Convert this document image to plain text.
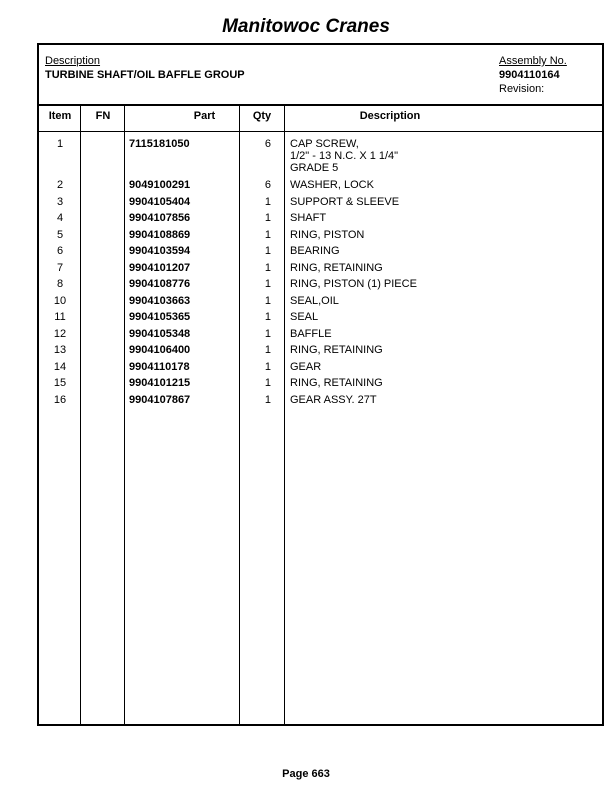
Manitowoc Cranes
Description
TURBINE SHAFT/OIL BAFFLE GROUP
Assembly No.
9904110164
Revision:
Item	FN	Part	Qty	Description
1	7115181050	6 CAP SCREW,
1/2" - 13 N.C. X 1 1/4"
GRADE 5
2	9049100291	6 WASHER, LOCK
3	9904105404	1 SUPPORT & SLEEVE
4	9904107856	1 SHAFT
5	9904108869	1 RING, PISTON
6	9904103594	1 BEARING
7	9904101207	1 RING, RETAINING
8	9904108776	1 RING, PISTON (1) PIECE
10	9904103663	1 SEAL,OIL
11	9904105365	1 SEAL
12	9904105348	1 BAFFLE
13	9904106400	1 RING, RETAINING
14	9904110178	1 GEAR
15	9904101215	1 RING, RETAINING
16	9904107867	1 GEAR ASSY. 27T
Page 663
